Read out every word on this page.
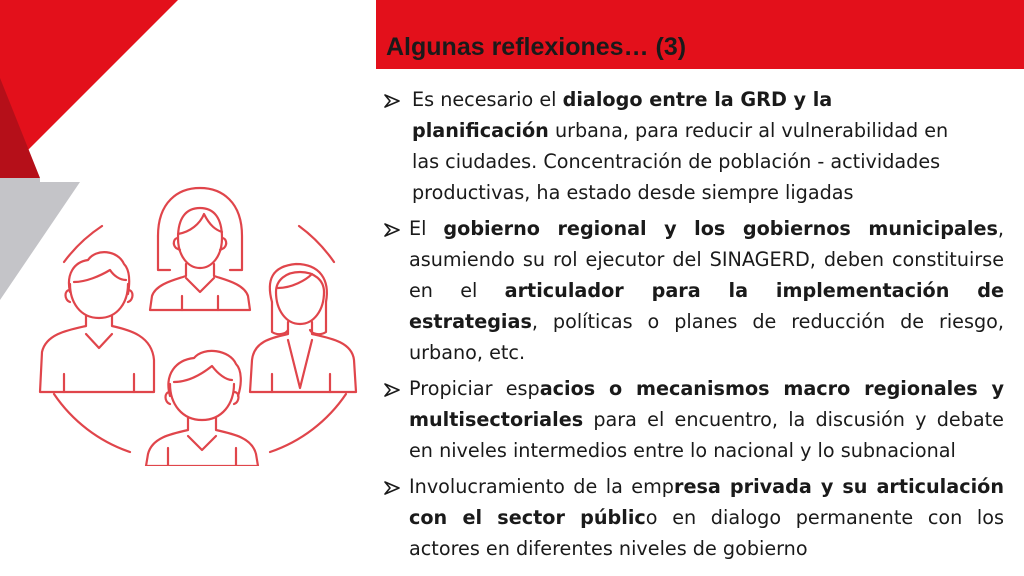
Algunas reflexiones… (3)
Es necesario el dialogo entre la GRD y la planificación urbana, para reducir al vulnerabilidad en las ciudades. Concentración de población - actividades productivas, ha estado desde siempre ligadas
El gobierno regional y los gobiernos municipales, asumiendo su rol ejecutor del SINAGERD, deben constituirse en el articulador para la implementación de estrategias, políticas o planes de reducción de riesgo, urbano, etc.
Propiciar espacios o mecanismos macro regionales y multisectoriales para el encuentro, la discusión y debate en niveles intermedios entre lo nacional y lo subnacional
Involucramiento de la empresa privada y su articulación con el sector público en dialogo permanente con los actores en diferentes niveles de gobierno
